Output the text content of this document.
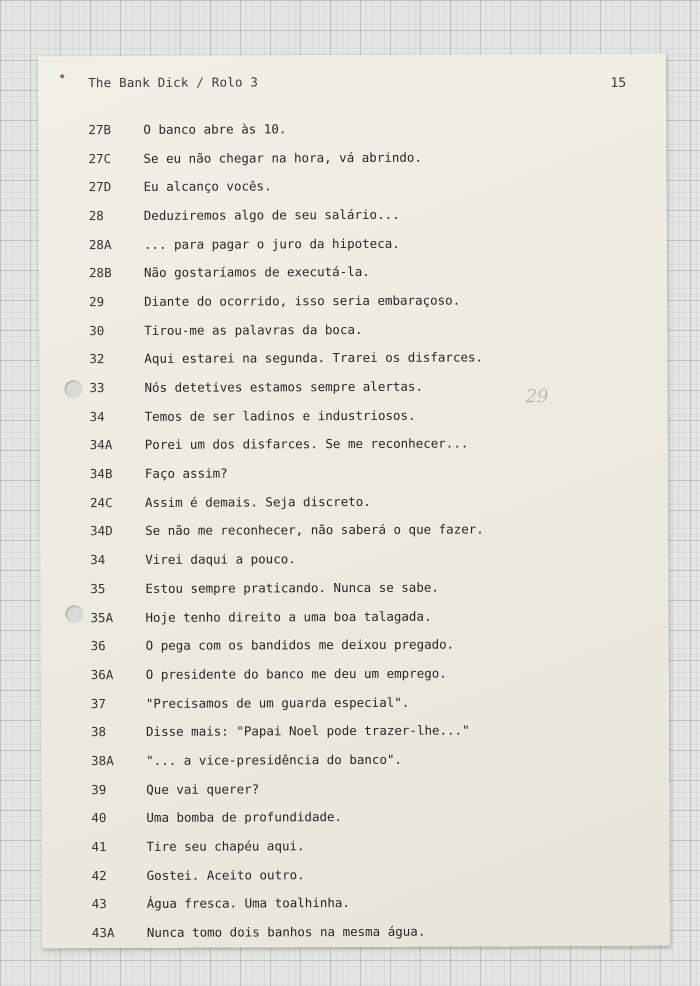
The Bank Dick / Rolo 3	15
29
27B	O banco abre às 10.
27C	Se eu não chegar na hora, vá abrindo.
27D	Eu alcanço vocês.
28	Deduziremos algo de seu salário...
28A	... para pagar o juro da hipoteca.
28B	Não gostaríamos de executá-la.
29	Diante do ocorrido, isso seria embaraçoso.
30	Tirou-me as palavras da boca.
32	Aqui estarei na segunda. Trarei os disfarces.
33	Nós detetives estamos sempre alertas.
34	Temos de ser ladinos e industriosos.
34A	Porei um dos disfarces. Se me reconhecer...
34B	Faço assim?
24C	Assim é demais. Seja discreto.
34D	Se não me reconhecer, não saberá o que fazer.
34	Virei daqui a pouco.
35	Estou sempre praticando. Nunca se sabe.
35A	Hoje tenho direito a uma boa talagada.
36	O pega com os bandidos me deixou pregado.
36A	O presidente do banco me deu um emprego.
37	"Precisamos de um guarda especial".
38	Disse mais: "Papai Noel pode trazer-lhe..."
38A	"... a vice-presidência do banco".
39	Que vai querer?
40	Uma bomba de profundidade.
41	Tire seu chapéu aqui.
42	Gostei. Aceito outro.
43	Água fresca. Uma toalhinha.
43A	Nunca tomo dois banhos na mesma água.
